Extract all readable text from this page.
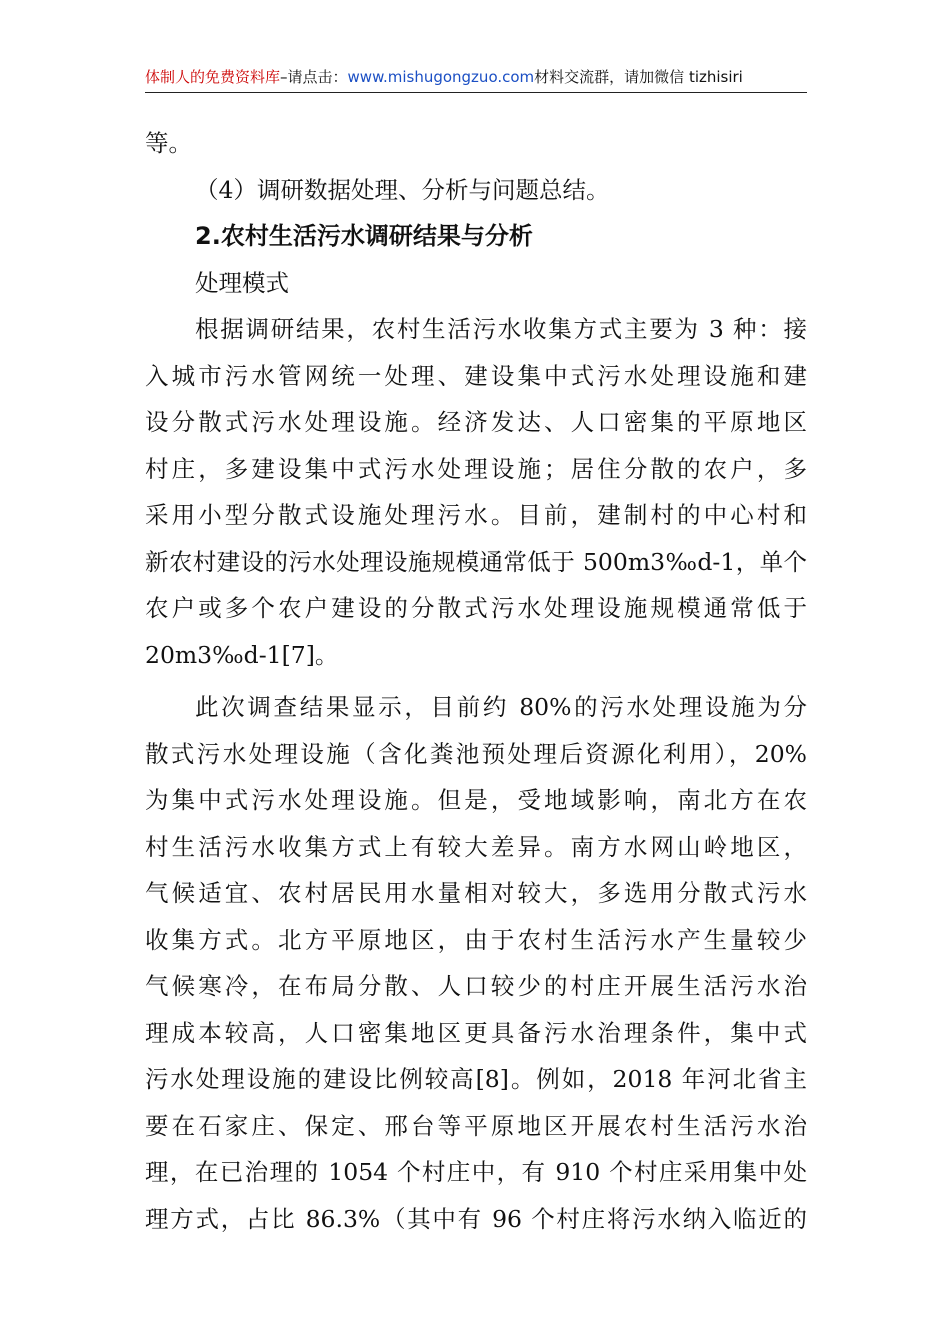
体制人的免费资料库–请点击：www.mishugongzuo.com材料交流群，请加微信 tizhisiri
等。
（4）调研数据处理、分析与问题总结。
2.农村生活污水调研结果与分析
处理模式
根据调研结果，农村生活污水收集方式主要为 3 种：接
入城市污水管网统一处理、建设集中式污水处理设施和建
设分散式污水处理设施。经济发达、人口密集的平原地区
村庄，多建设集中式污水处理设施；居住分散的农户，多
采用小型分散式设施处理污水。目前，建制村的中心村和
新农村建设的污水处理设施规模通常低于 500m3‰d-1，单个
农户或多个农户建设的分散式污水处理设施规模通常低于
20m3‰d-1[7]。
此次调查结果显示，目前约 80%的污水处理设施为分
散式污水处理设施（含化粪池预处理后资源化利用），20%
为集中式污水处理设施。但是，受地域影响，南北方在农
村生活污水收集方式上有较大差异。南方水网山岭地区，
气候适宜、农村居民用水量相对较大，多选用分散式污水
收集方式。北方平原地区，由于农村生活污水产生量较少
气候寒冷，在布局分散、人口较少的村庄开展生活污水治
理成本较高，人口密集地区更具备污水治理条件，集中式
污水处理设施的建设比例较高[8]。例如，2018 年河北省主
要在石家庄、保定、邢台等平原地区开展农村生活污水治
理，在已治理的 1054 个村庄中，有 910 个村庄采用集中处
理方式，占比 86.3%（其中有 96 个村庄将污水纳入临近的
